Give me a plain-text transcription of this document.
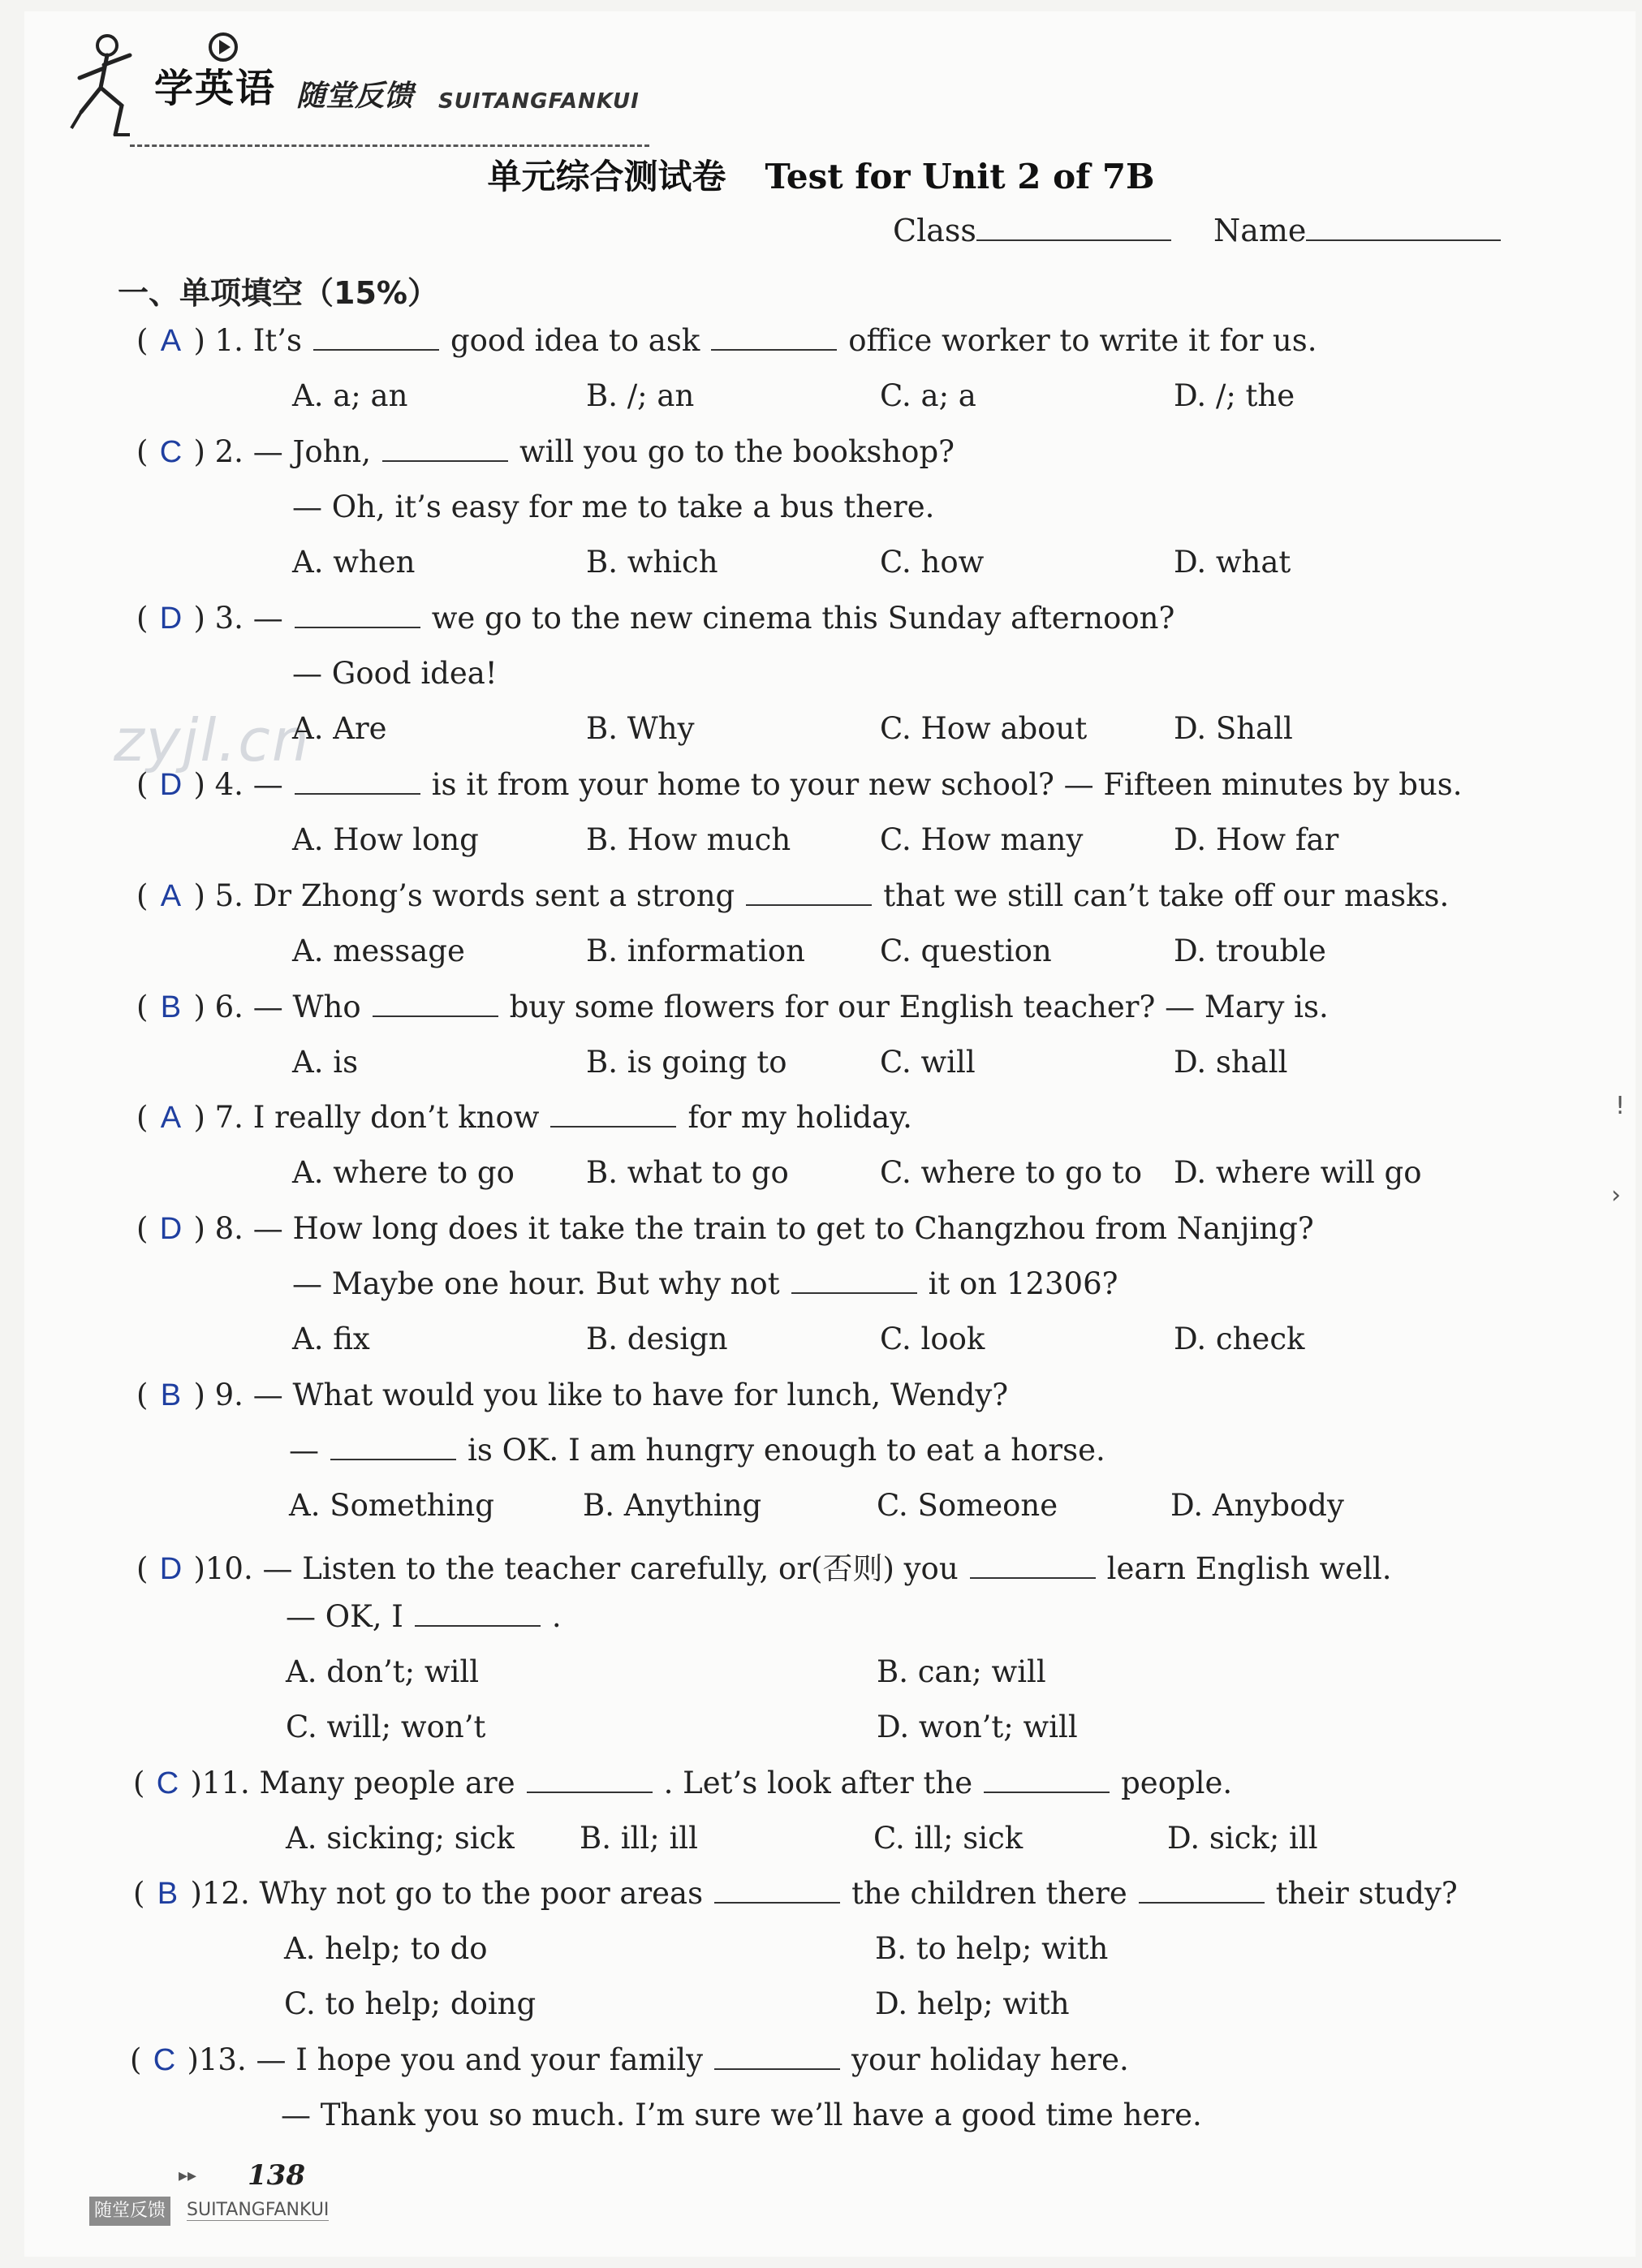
学英语 随堂反馈 SUITANGFANKUI
单元综合测试卷 Test for Unit 2 of 7B
Class	Name
一、单项填空（15%）
zyjl.cn
( A ) 1. It’s	good idea to ask	office worker to write it for us.
A. a; an	B. /; an	C. a; a	D. /; the
( C ) 2. — John,	will you go to the bookshop?
— Oh, it’s easy for me to take a bus there.
A. when	B. which	C. how	D. what
( D ) 3. —	we go to the new cinema this Sunday afternoon?
— Good idea!
A. Are	B. Why	C. How about	D. Shall
( D ) 4. —	is it from your home to your new school? — Fifteen minutes by bus.
A. How long	B. How much	C. How many	D. How far
( A ) 5. Dr Zhong’s words sent a strong	that we still can’t take off our masks.
A. message	B. information C. question	D. trouble
( B ) 6. — Who	buy some flowers for our English teacher? — Mary is.
A. is	B. is going to	C. will	D. shall
( A ) 7. I really don’t know	for my holiday.
A. where to go B. what to go	C. where to go to D. where will go
( D ) 8. — How long does it take the train to get to Changzhou from Nanjing?
— Maybe one hour. But why not	it on 12306?
A. fix	B. design	C. look	D. check
( B ) 9. — What would you like to have for lunch, Wendy?
—	is OK. I am hungry enough to eat a horse.
A. Something	B. Anything	C. Someone	D. Anybody
( D )10. — Listen to the teacher carefully, or(否则) you	learn English well.
— OK, I	.
A. don’t; will	B. can; will
C. will; won’t	D. won’t; will
( C )11. Many people are	. Let’s look after the	people.
A. sicking; sick B. ill; ill	C. ill; sick	D. sick; ill
( B )12. Why not go to the poor areas	the children there	their study?
A. help; to do	B. to help; with
C. to help; doing	D. help; with
( C )13. — I hope you and your family	your holiday here.
— Thank you so much. I’m sure we’ll have a good time here.
!
›
▸▸ 138
随堂反馈 SUITANGFANKUI
